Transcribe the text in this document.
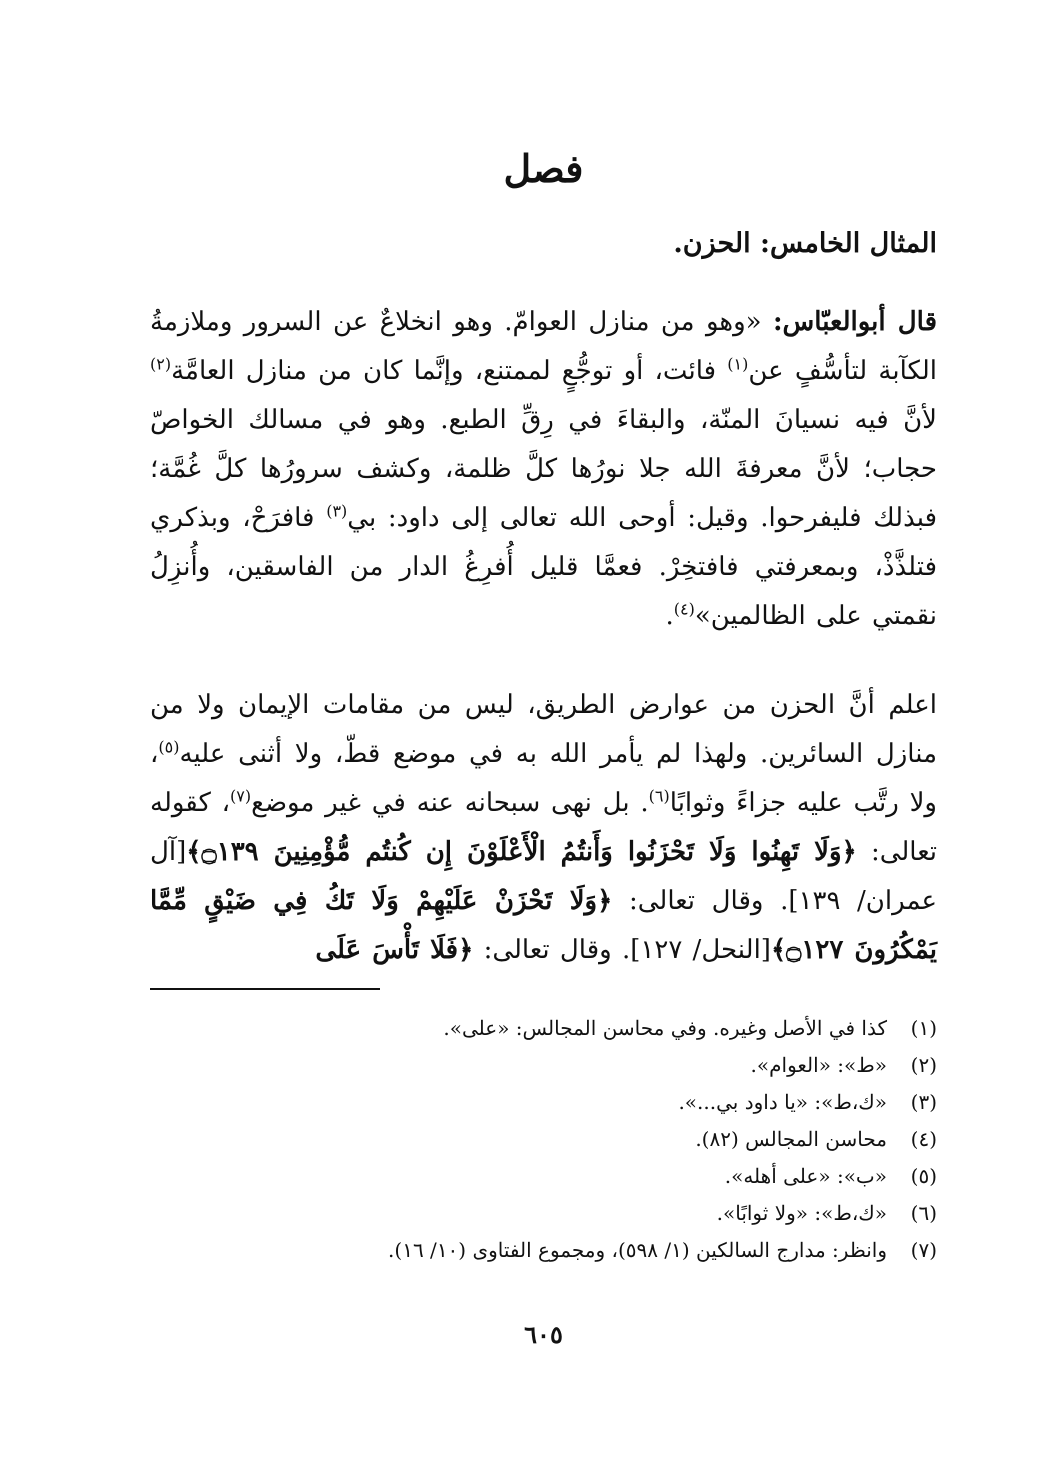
فصل
المثال الخامس: الحزن.

قال أبوالعبّاس: «وهو من منازل العوامّ. وهو انخلاعٌ عن السرور وملازمةُ الكآبة لتأسُّفٍ عن$^{(١)}$ فائت، أو توجُّعٍ لممتنع، وإنَّما كان من منازل العامَّة$^{(٢)}$ لأنَّ فيه نسيانَ المنّة، والبقاءَ في رِقِّ الطبع. وهو في مسالك الخواصّ حجاب؛ لأنَّ معرفةَ الله جلا نورُها كلَّ ظلمة، وكشف سرورُها كلَّ غُمَّة؛ فبذلك فليفرحوا. وقيل: أوحى الله تعالى إلى داود: بي$^{(٣)}$ فافرَحْ، وبذكري فتلذَّذْ، وبمعرفتي فافتخِرْ. فعمَّا قليل أُفرِغُ الدار من الفاسقين، وأُنزِلُ نقمتي على الظالمين»$^{(٤)}$.

اعلم أنَّ الحزن من عوارض الطريق، ليس من مقامات الإيمان ولا من منازل السائرين. ولهذا لم يأمر الله به في موضع قطّ، ولا أثنى عليه$^{(٥)}$، ولا رتَّب عليه جزاءً وثوابًا$^{(٦)}$. بل نهى سبحانه عنه في غير موضع$^{(٧)}$، كقوله تعالى: ﴿وَلَا تَهِنُوا وَلَا تَحْزَنُوا وَأَنتُمُ الْأَعْلَوْنَ إِن كُنتُم مُّؤْمِنِينَ ۝١٣٩﴾[آل عمران/ ١٣٩]. وقال تعالى: ﴿وَلَا تَحْزَنْ عَلَيْهِمْ وَلَا تَكُ فِي ضَيْقٍ مِّمَّا يَمْكُرُونَ ۝١٢٧﴾[النحل/ ١٢٧]. وقال تعالى: ﴿فَلَا تَأْسَ عَلَى

(١)
كذا في الأصل وغيره. وفي محاسن المجالس: «على».
(٢)
«ط»: «العوام».
(٣)
«ك،ط»: «يا داود بي...».
(٤)
محاسن المجالس (٨٢).
(٥)
«ب»: «على أهله».
(٦)
«ك،ط»: «ولا ثوابًا».
(٧)
وانظر: مدارج السالكين (١/ ٥٩٨)، ومجموع الفتاوى (١٠/ ١٦).
٦٠٥
